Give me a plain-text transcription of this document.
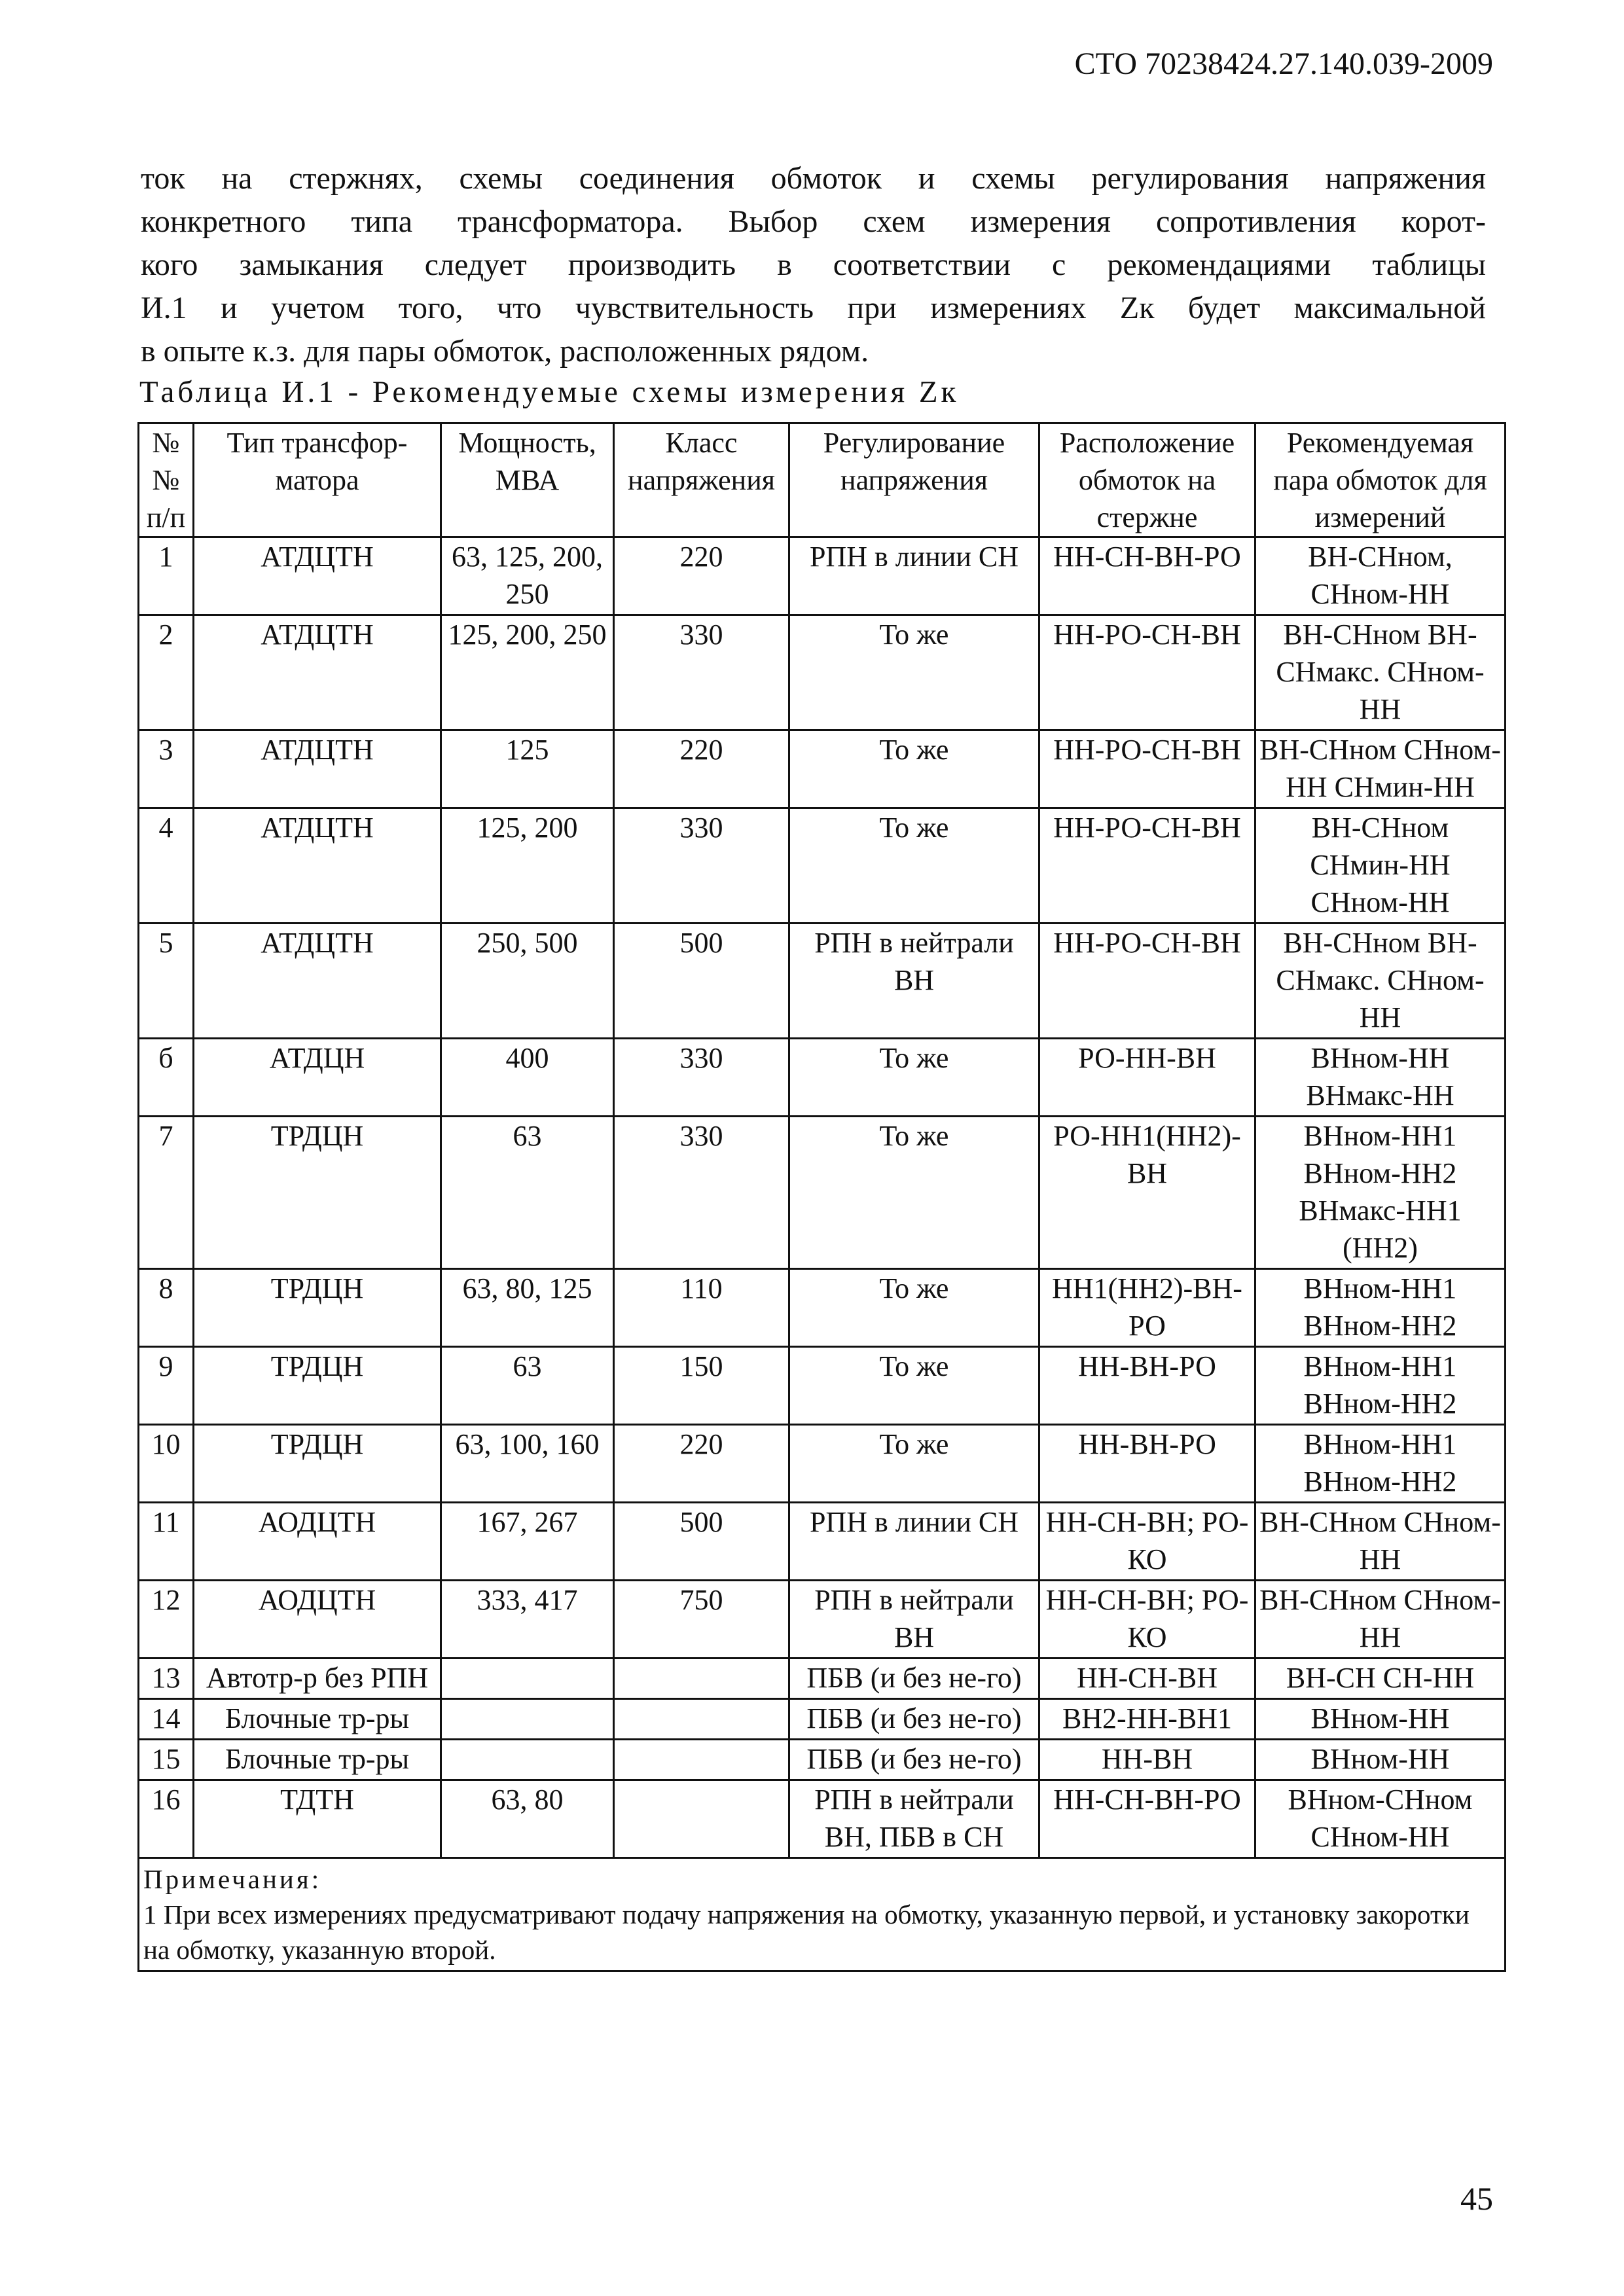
СТО 70238424.27.140.039-2009

ток на стержнях, схемы соединения обмоток и схемы регулирования напряжения

конкретного типа трансформатора. Выбор схем измерения сопротивления корот-

кого замыкания следует производить в соответствии с рекомендациями таблицы

И.1 и учетом того, что чувствительность при измерениях Zк будет максимальной

в опыте к.з. для пары обмоток, расположенных рядом.

Таблица И.1 - Рекомендуемые схемы измерения Zк
№ № п/п	Тип трансфор-матора	Мощность, МВА	Класс напряжения	Регулирование напряжения	Расположение обмоток на стержне	Рекомендуемая пара обмоток для измерений
1	АТДЦТН	63, 125, 200, 250	220	РПН в линии СН	НН-СН-ВН-РО	ВН-СНном, СНном-НН
2	АТДЦТН	125, 200, 250	330	То же	НН-РО-СН-ВН	ВН-СНном ВН-СНмакс. СНном-НН
3	АТДЦТН	125	220	То же	НН-РО-СН-ВН	ВН-СНном СНном-НН СНмин-НН
4	АТДЦТН	125, 200	330	То же	НН-РО-СН-ВН	ВН-СНном СНмин-НН СНном-НН
5	АТДЦТН	250, 500	500	РПН в нейтрали ВН	НН-РО-СН-ВН	ВН-СНном ВН-СНмакс. СНном-НН
б	АТДЦН	400	330	То же	РО-НН-ВН	ВНном-НН ВНмакс-НН
7	ТРДЦН	63	330	То же	РО-НН1(НН2)-ВН	ВНном-НН1 ВНном-НН2 ВНмакс-НН1 (НН2)
8	ТРДЦН	63, 80, 125	110	То же	НН1(НН2)-ВН-РО	ВНном-НН1 ВНном-НН2
9	ТРДЦН	63	150	То же	НН-ВН-РО	ВНном-НН1 ВНном-НН2
10	ТРДЦН	63, 100, 160	220	То же	НН-ВН-РО	ВНном-НН1 ВНном-НН2
11	АОДЦТН	167, 267	500	РПН в линии СН	НН-СН-ВН; РО-КО	ВН-СНном СНном-НН
12	АОДЦТН	333, 417	750	РПН в нейтрали ВН	НН-СН-ВН; РО-КО	ВН-СНном СНном-НН
13	Автотр-р без РПН			ПБВ (и без не-го)	НН-СН-ВН	ВН-СН СН-НН
14	Блочные тр-ры			ПБВ (и без не-го)	ВН2-НН-ВН1	ВНном-НН
15	Блочные тр-ры			ПБВ (и без не-го)	НН-ВН	ВНном-НН
16	ТДТН	63, 80		РПН в нейтрали ВН, ПБВ в СН	НН-СН-ВН-РО	ВНном-СНном СНном-НН

Примечания:
1 При всех измерениях предусматривают подачу напряжения на обмотку, указанную первой, и установку закоротки на обмотку, указанную второй.						
45
